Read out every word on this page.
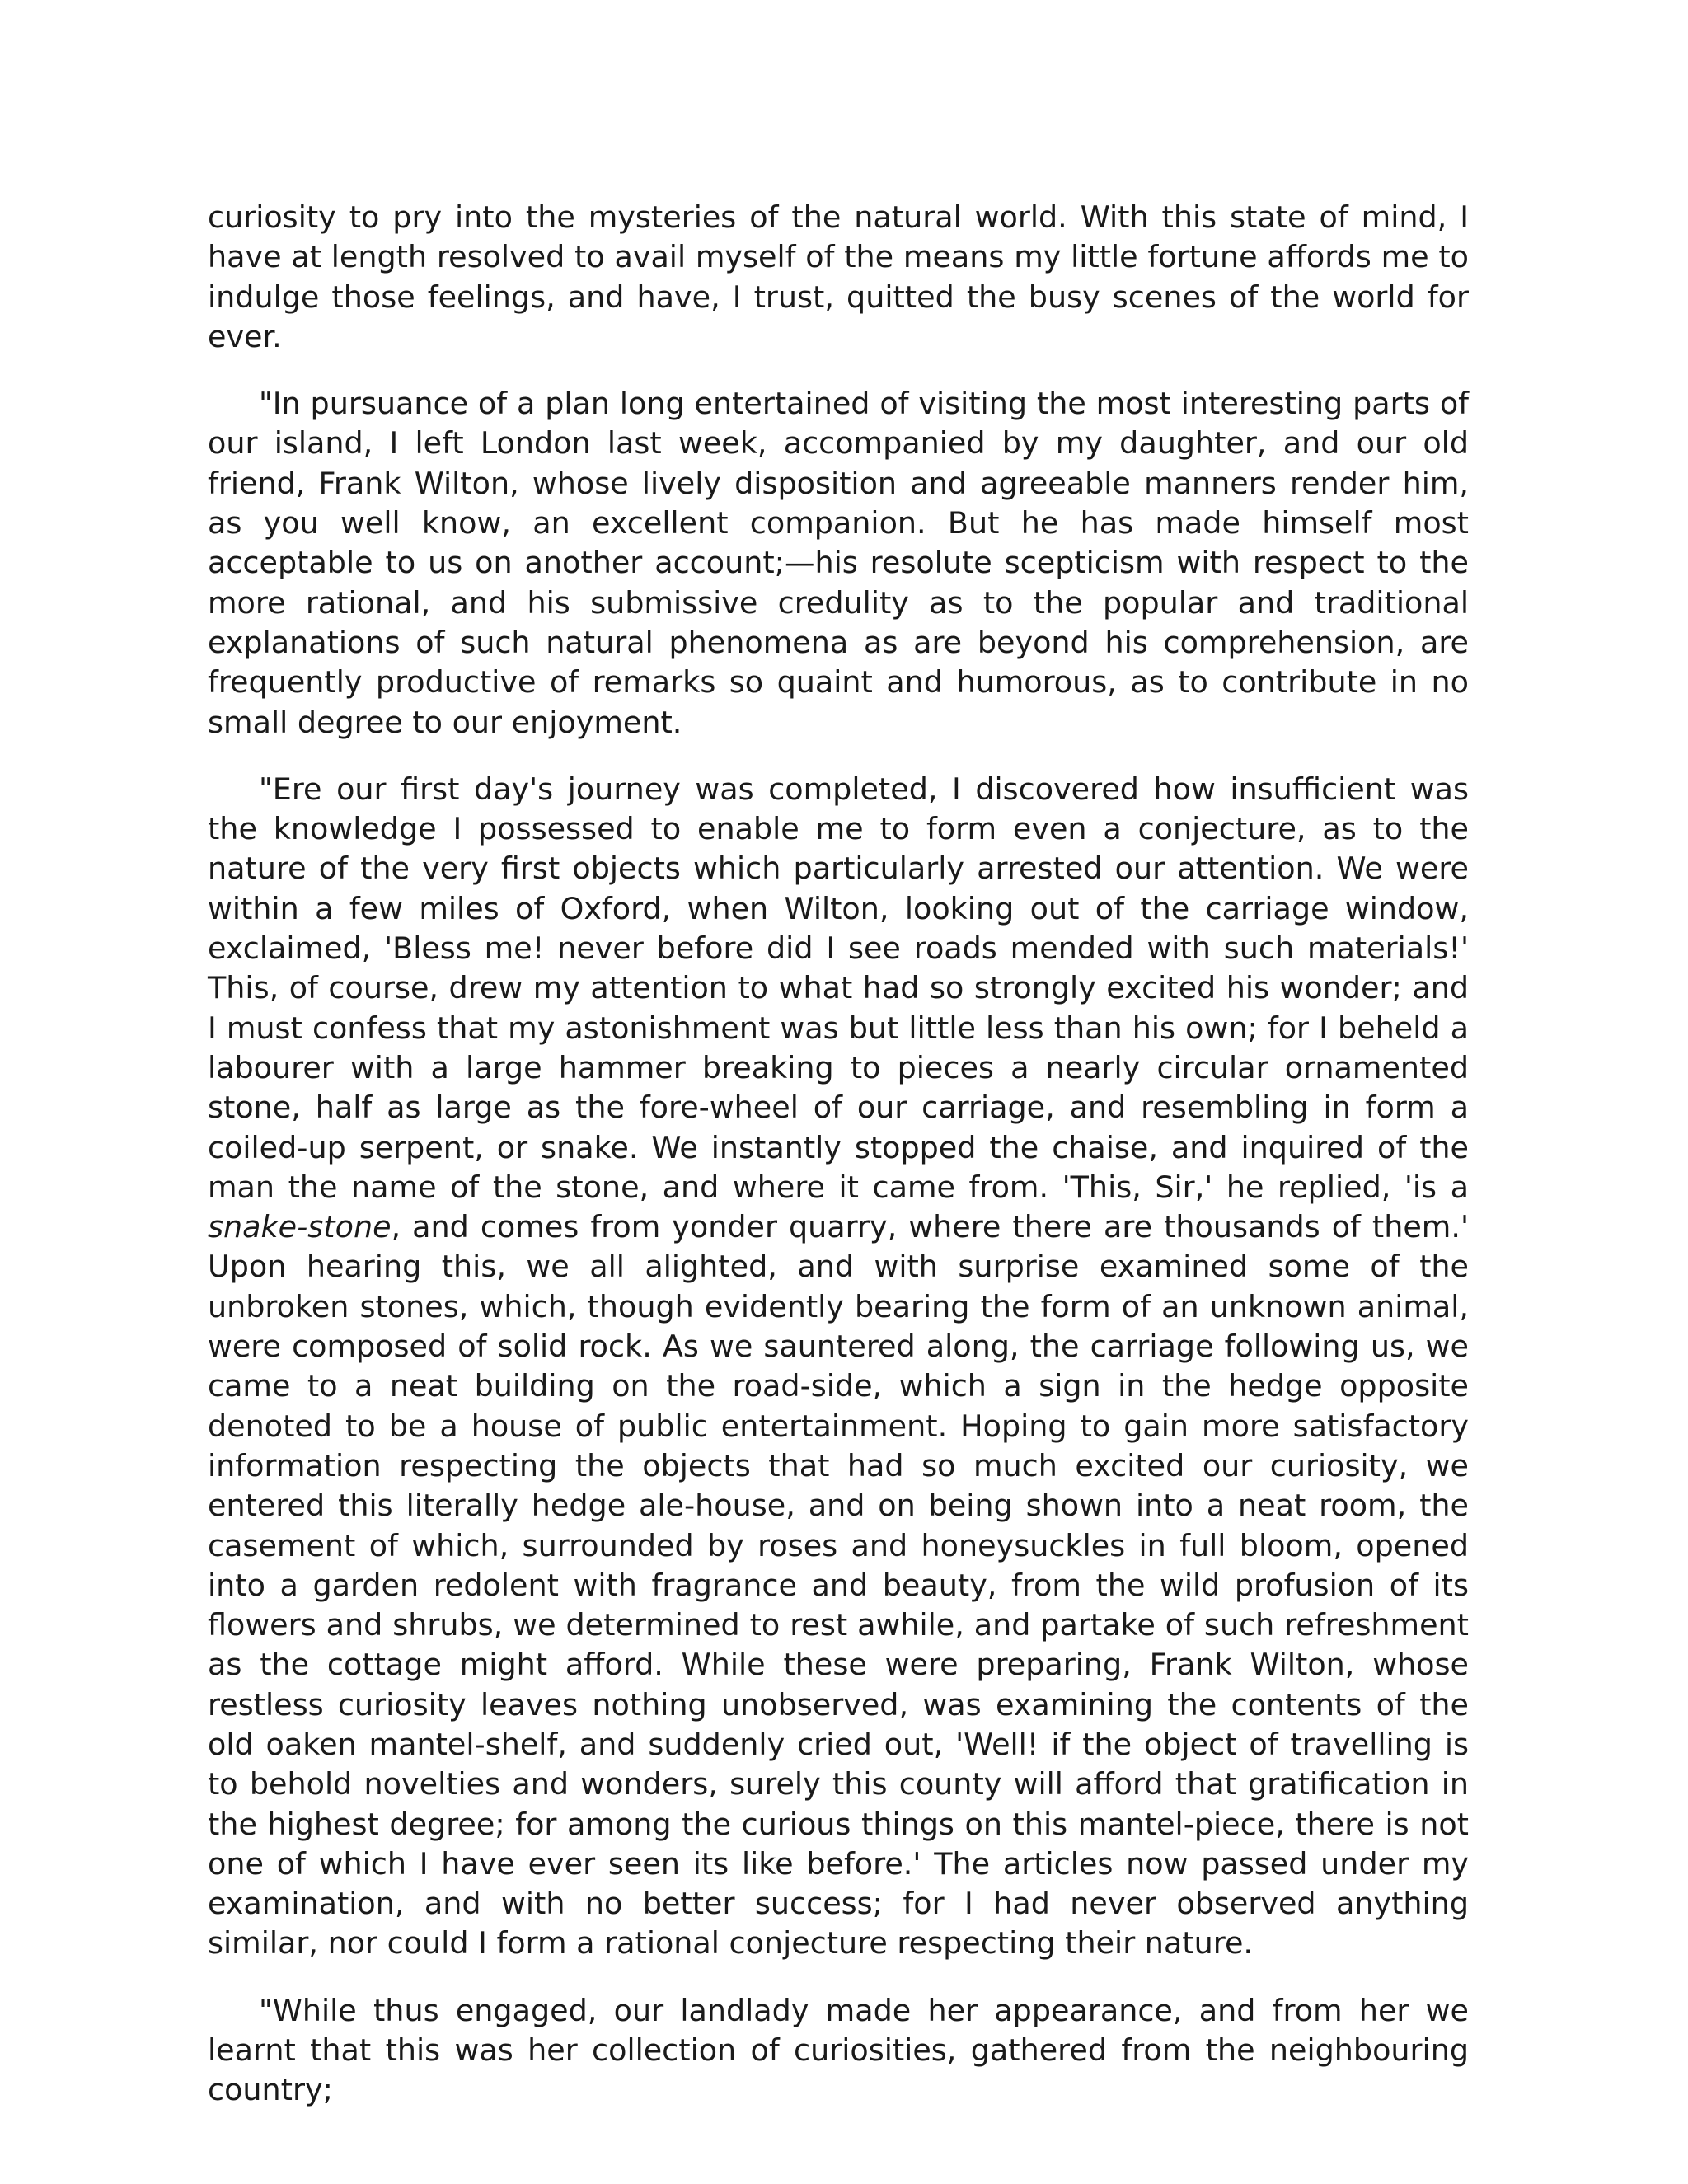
curiosity to pry into the mysteries of the natural world. With this state of mind, I have at length resolved to avail myself of the means my little fortune affords me to indulge those feelings, and have, I trust, quitted the busy scenes of the world for ever.

"In pursuance of a plan long entertained of visiting the most interesting parts of our island, I left London last week, accompanied by my daughter, and our old friend, Frank Wilton, whose lively disposition and agreeable manners render him, as you well know, an excellent companion. But he has made himself most acceptable to us on another account;—his resolute scepticism with respect to the more rational, and his submissive credulity as to the popular and traditional explanations of such natural phenomena as are beyond his comprehension, are frequently productive of remarks so quaint and humorous, as to contribute in no small degree to our enjoyment.

"Ere our first day's journey was completed, I discovered how insufficient was the knowledge I possessed to enable me to form even a conjecture, as to the nature of the very first objects which particularly arrested our attention. We were within a few miles of Oxford, when Wilton, looking out of the carriage window, exclaimed, 'Bless me! never before did I see roads mended with such materials!' This, of course, drew my attention to what had so strongly excited his wonder; and I must confess that my astonishment was but little less than his own; for I beheld a labourer with a large hammer breaking to pieces a nearly circular ornamented stone, half as large as the fore-wheel of our carriage, and resembling in form a coiled-up serpent, or snake. We instantly stopped the chaise, and inquired of the man the name of the stone, and where it came from. 'This, Sir,' he replied, 'is a snake-stone, and comes from yonder quarry, where there are thousands of them.' Upon hearing this, we all alighted, and with surprise examined some of the unbroken stones, which, though evidently bearing the form of an unknown animal, were composed of solid rock. As we sauntered along, the carriage following us, we came to a neat building on the road-side, which a sign in the hedge opposite denoted to be a house of public entertainment. Hoping to gain more satisfactory information respecting the objects that had so much excited our curiosity, we entered this literally hedge ale-house, and on being shown into a neat room, the casement of which, surrounded by roses and honeysuckles in full bloom, opened into a garden redolent with fragrance and beauty, from the wild profusion of its flowers and shrubs, we determined to rest awhile, and partake of such refreshment as the cottage might afford. While these were preparing, Frank Wilton, whose restless curiosity leaves nothing unobserved, was examining the contents of the old oaken mantel-shelf, and suddenly cried out, 'Well! if the object of travelling is to behold novelties and wonders, surely this county will afford that gratification in the highest degree; for among the curious things on this mantel-piece, there is not one of which I have ever seen its like before.' The articles now passed under my examination, and with no better success; for I had never observed anything similar, nor could I form a rational conjecture respecting their nature.

"While thus engaged, our landlady made her appearance, and from her we learnt that this was her collection of curiosities, gathered from the neighbouring country;
